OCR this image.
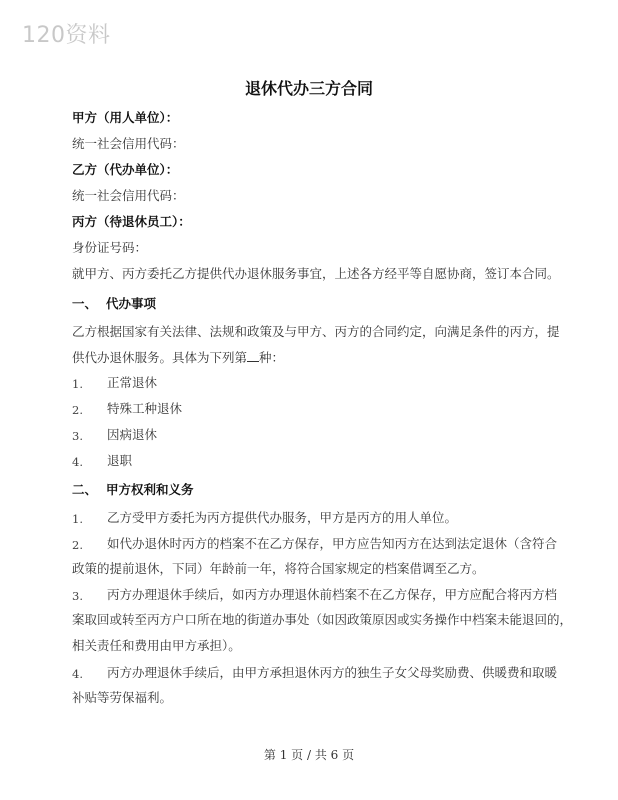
120资料
退休代办三方合同
甲方（用人单位）：
统一社会信用代码：
乙方（代办单位）：
统一社会信用代码：
丙方（待退休员工）：
身份证号码：
就甲方、丙方委托乙方提供代办退休服务事宜，上述各方经平等自愿协商，签订本合同。
一、 代办事项
乙方根据国家有关法律、法规和政策及与甲方、丙方的合同约定，向满足条件的丙方，提
供代办退休服务。具体为下列第 种：
1. 正常退休
2. 特殊工种退休
3. 因病退休
4. 退职
二、 甲方权利和义务
1. 乙方受甲方委托为丙方提供代办服务，甲方是丙方的用人单位。
2. 如代办退休时丙方的档案不在乙方保存，甲方应告知丙方在达到法定退休（含符合
政策的提前退休，下同）年龄前一年，将符合国家规定的档案借调至乙方。
3. 丙方办理退休手续后，如丙方办理退休前档案不在乙方保存，甲方应配合将丙方档
案取回或转至丙方户口所在地的街道办事处（如因政策原因或实务操作中档案未能退回的，
相关责任和费用由甲方承担）。
4. 丙方办理退休手续后，由甲方承担退休丙方的独生子女父母奖励费、供暖费和取暖
补贴等劳保福利。
第 1 页 / 共 6 页
